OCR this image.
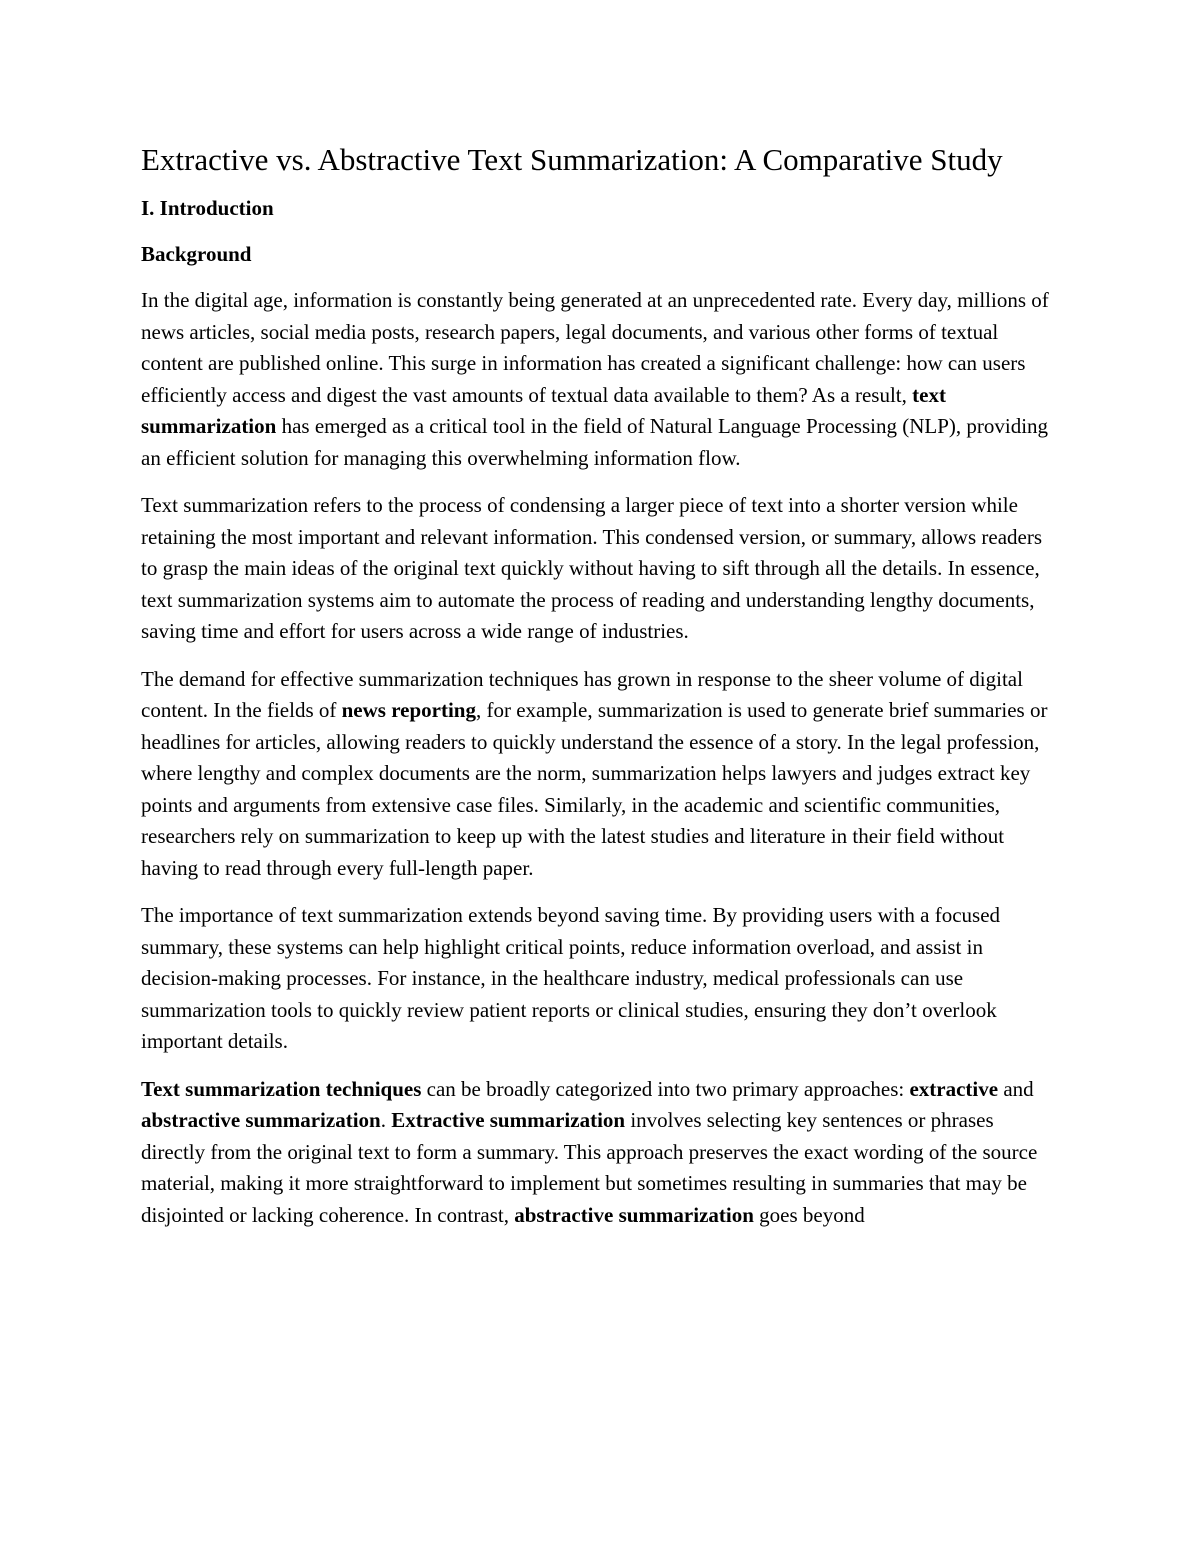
Extractive vs. Abstractive Text Summarization: A Comparative Study
I. Introduction
Background

In the digital age, information is constantly being generated at an unprecedented rate. Every day, millions of news articles, social media posts, research papers, legal documents, and various other forms of textual content are published online. This surge in information has created a significant challenge: how can users efficiently access and digest the vast amounts of textual data available to them? As a result, text summarization has emerged as a critical tool in the field of Natural Language Processing (NLP), providing an efficient solution for managing this overwhelming information flow.

Text summarization refers to the process of condensing a larger piece of text into a shorter version while retaining the most important and relevant information. This condensed version, or summary, allows readers to grasp the main ideas of the original text quickly without having to sift through all the details. In essence, text summarization systems aim to automate the process of reading and understanding lengthy documents, saving time and effort for users across a wide range of industries.

The demand for effective summarization techniques has grown in response to the sheer volume of digital content. In the fields of news reporting, for example, summarization is used to generate brief summaries or headlines for articles, allowing readers to quickly understand the essence of a story. In the legal profession, where lengthy and complex documents are the norm, summarization helps lawyers and judges extract key points and arguments from extensive case files. Similarly, in the academic and scientific communities, researchers rely on summarization to keep up with the latest studies and literature in their field without having to read through every full-length paper.

The importance of text summarization extends beyond saving time. By providing users with a focused summary, these systems can help highlight critical points, reduce information overload, and assist in decision-making processes. For instance, in the healthcare industry, medical professionals can use summarization tools to quickly review patient reports or clinical studies, ensuring they don’t overlook important details.

Text summarization techniques can be broadly categorized into two primary approaches: extractive and abstractive summarization. Extractive summarization involves selecting key sentences or phrases directly from the original text to form a summary. This approach preserves the exact wording of the source material, making it more straightforward to implement but sometimes resulting in summaries that may be disjointed or lacking coherence. In contrast, abstractive summarization goes beyond
